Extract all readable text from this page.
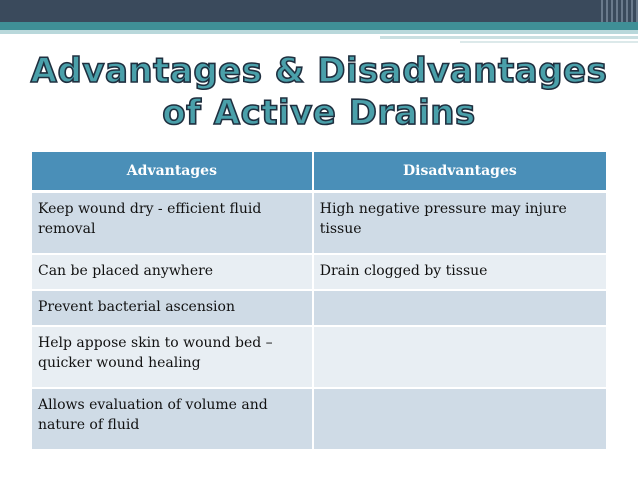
Advantages & Disadvantages
of Active Drains
Advantages	Disadvantages
Keep wound dry - efficient fluid removal	High negative pressure may injure tissue
Can be placed anywhere	Drain clogged by tissue
Prevent bacterial ascension	
Help appose skin to wound bed – quicker wound healing	
Allows evaluation of volume and nature of fluid	
